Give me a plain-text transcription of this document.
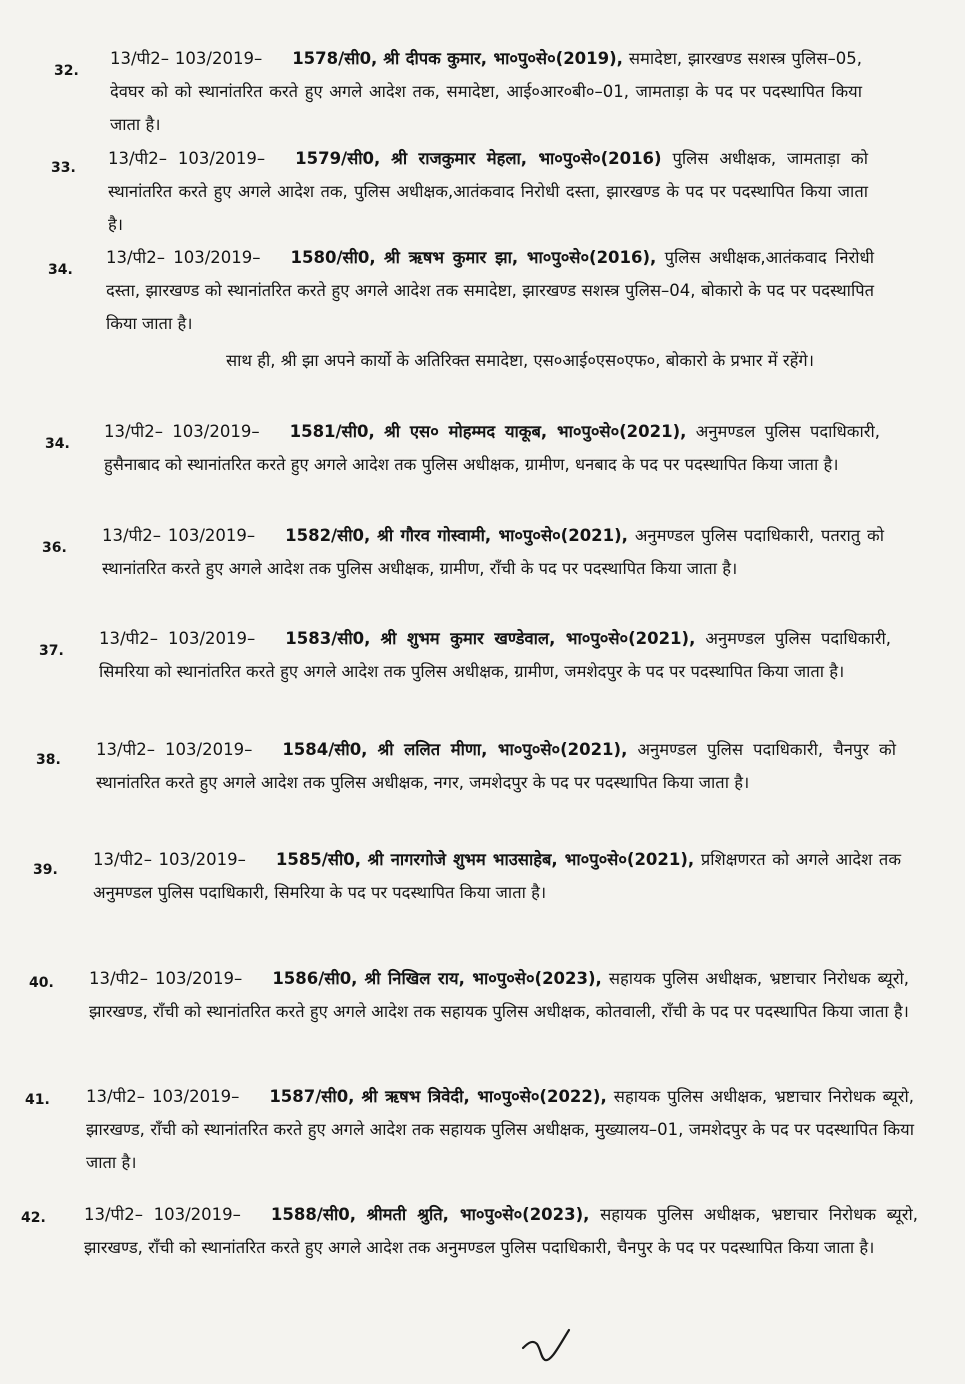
32.
13/पी2– 103/2019– 1578/सी0, श्री दीपक कुमार, भा०पु०से०(2019), समादेष्टा, झारखण्ड सशस्त्र पुलिस–05, देवघर को को स्थानांतरित करते हुए अगले आदेश तक, समादेष्टा, आई०आर०बी०–01, जामताड़ा के पद पर पदस्थापित किया जाता है।
33. 13/पी2– 103/2019– 1579/सी0, श्री राजकुमार मेहला, भा०पु०से०(2016) पुलिस अधीक्षक, जामताड़ा को स्थानांतरित करते हुए अगले आदेश तक, पुलिस अधीक्षक,आतंकवाद निरोधी दस्ता, झारखण्ड के पद पर पदस्थापित किया जाता है।
34.
13/पी2– 103/2019– 1580/सी0, श्री ऋषभ कुमार झा, भा०पु०से०(2016), पुलिस अधीक्षक,आतंकवाद निरोधी दस्ता, झारखण्ड को स्थानांतरित करते हुए अगले आदेश तक समादेष्टा, झारखण्ड सशस्त्र पुलिस–04, बोकारो के पद पर पदस्थापित किया जाता है।
साथ ही, श्री झा अपने कार्यो के अतिरिक्त समादेष्टा, एस०आई०एस०एफ०, बोकारो के प्रभार में रहेंगे।
34.
13/पी2– 103/2019– 1581/सी0, श्री एस० मोहम्मद याकूब, भा०पु०से०(2021), अनुमण्डल पुलिस पदाधिकारी, हुसैनाबाद को स्थानांतरित करते हुए अगले आदेश तक पुलिस अधीक्षक, ग्रामीण, धनबाद के पद पर पदस्थापित किया जाता है।
36.
13/पी2– 103/2019– 1582/सी0, श्री गौरव गोस्वामी, भा०पु०से०(2021), अनुमण्डल पुलिस पदाधिकारी, पतरातु को स्थानांतरित करते हुए अगले आदेश तक पुलिस अधीक्षक, ग्रामीण, राँची के पद पर पदस्थापित किया जाता है।
37.
13/पी2– 103/2019– 1583/सी0, श्री शुभम कुमार खण्डेवाल, भा०पु०से०(2021), अनुमण्डल पुलिस पदाधिकारी, सिमरिया को स्थानांतरित करते हुए अगले आदेश तक पुलिस अधीक्षक, ग्रामीण, जमशेदपुर के पद पर पदस्थापित किया जाता है।
38.
13/पी2– 103/2019– 1584/सी0, श्री ललित मीणा, भा०पु०से०(2021), अनुमण्डल पुलिस पदाधिकारी, चैनपुर को स्थानांतरित करते हुए अगले आदेश तक पुलिस अधीक्षक, नगर, जमशेदपुर के पद पर पदस्थापित किया जाता है।
39.
13/पी2– 103/2019– 1585/सी0, श्री नागरगोजे शुभम भाउसाहेब, भा०पु०से०(2021), प्रशिक्षणरत को अगले आदेश तक अनुमण्डल पुलिस पदाधिकारी, सिमरिया के पद पर पदस्थापित किया जाता है।
40. 13/पी2– 103/2019– 1586/सी0, श्री निखिल राय, भा०पु०से०(2023), सहायक पुलिस अधीक्षक, भ्रष्टाचार निरोधक ब्यूरो, झारखण्ड, राँची को स्थानांतरित करते हुए अगले आदेश तक सहायक पुलिस अधीक्षक, कोतवाली, राँची के पद पर पदस्थापित किया जाता है।
41. 13/पी2– 103/2019– 1587/सी0, श्री ऋषभ त्रिवेदी, भा०पु०से०(2022), सहायक पुलिस अधीक्षक, भ्रष्टाचार निरोधक ब्यूरो, झारखण्ड, राँची को स्थानांतरित करते हुए अगले आदेश तक सहायक पुलिस अधीक्षक, मुख्यालय–01, जमशेदपुर के पद पर पदस्थापित किया जाता है।
42. 13/पी2– 103/2019– 1588/सी0, श्रीमती श्रुति, भा०पु०से०(2023), सहायक पुलिस अधीक्षक, भ्रष्टाचार निरोधक ब्यूरो, झारखण्ड, राँची को स्थानांतरित करते हुए अगले आदेश तक अनुमण्डल पुलिस पदाधिकारी, चैनपुर के पद पर पदस्थापित किया जाता है।
